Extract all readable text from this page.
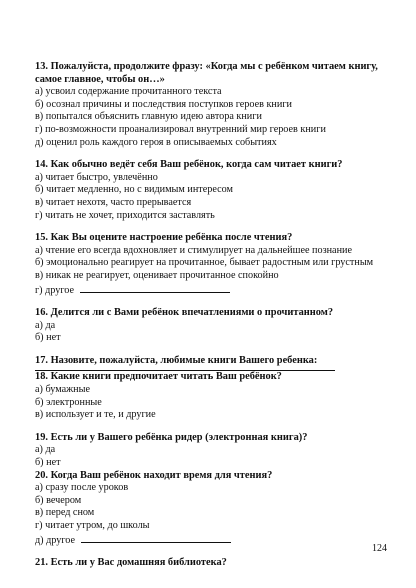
13. Пожалуйста, продолжите фразу: «Когда мы с ребёнком читаем книгу,
самое главное, чтобы он…»
а) усвоил содержание прочитанного текста
б) осознал причины и последствия поступков героев книги
в) попытался объяснить главную идею автора книги
г) по-возможности проанализировал внутренний мир героев книги
д) оценил роль каждого героя в описываемых событиях
14. Как обычно ведёт себя Ваш ребёнок, когда сам читает книги?
а) читает быстро, увлечённо
б) читает медленно, но с видимым интересом
в) читает нехотя, часто прерывается
г) читать не хочет, приходится заставлять
15. Как Вы оцените настроение ребёнка после чтения?
а) чтение его всегда вдохновляет и стимулирует на дальнейшее познание
б) эмоционально реагирует на прочитанное, бывает радостным или грустным
в) никак не реагирует, оценивает прочитанное спокойно
г) другое
16. Делится ли с Вами ребёнок впечатлениями о прочитанном?
а) да
б) нет
17. Назовите, пожалуйста, любимые книги Вашего ребенка:
18. Какие книги предпочитает читать Ваш ребёнок?
а) бумажные
б) электронные
в) использует и те, и другие
19. Есть ли у Вашего ребёнка ридер (электронная книга)?
а) да
б) нет
20. Когда Ваш ребёнок находит время для чтения?
а) сразу после уроков
б) вечером
в) перед сном
г) читает утром, до школы
д) другое
21. Есть ли у Вас домашняя библиотека?
124
